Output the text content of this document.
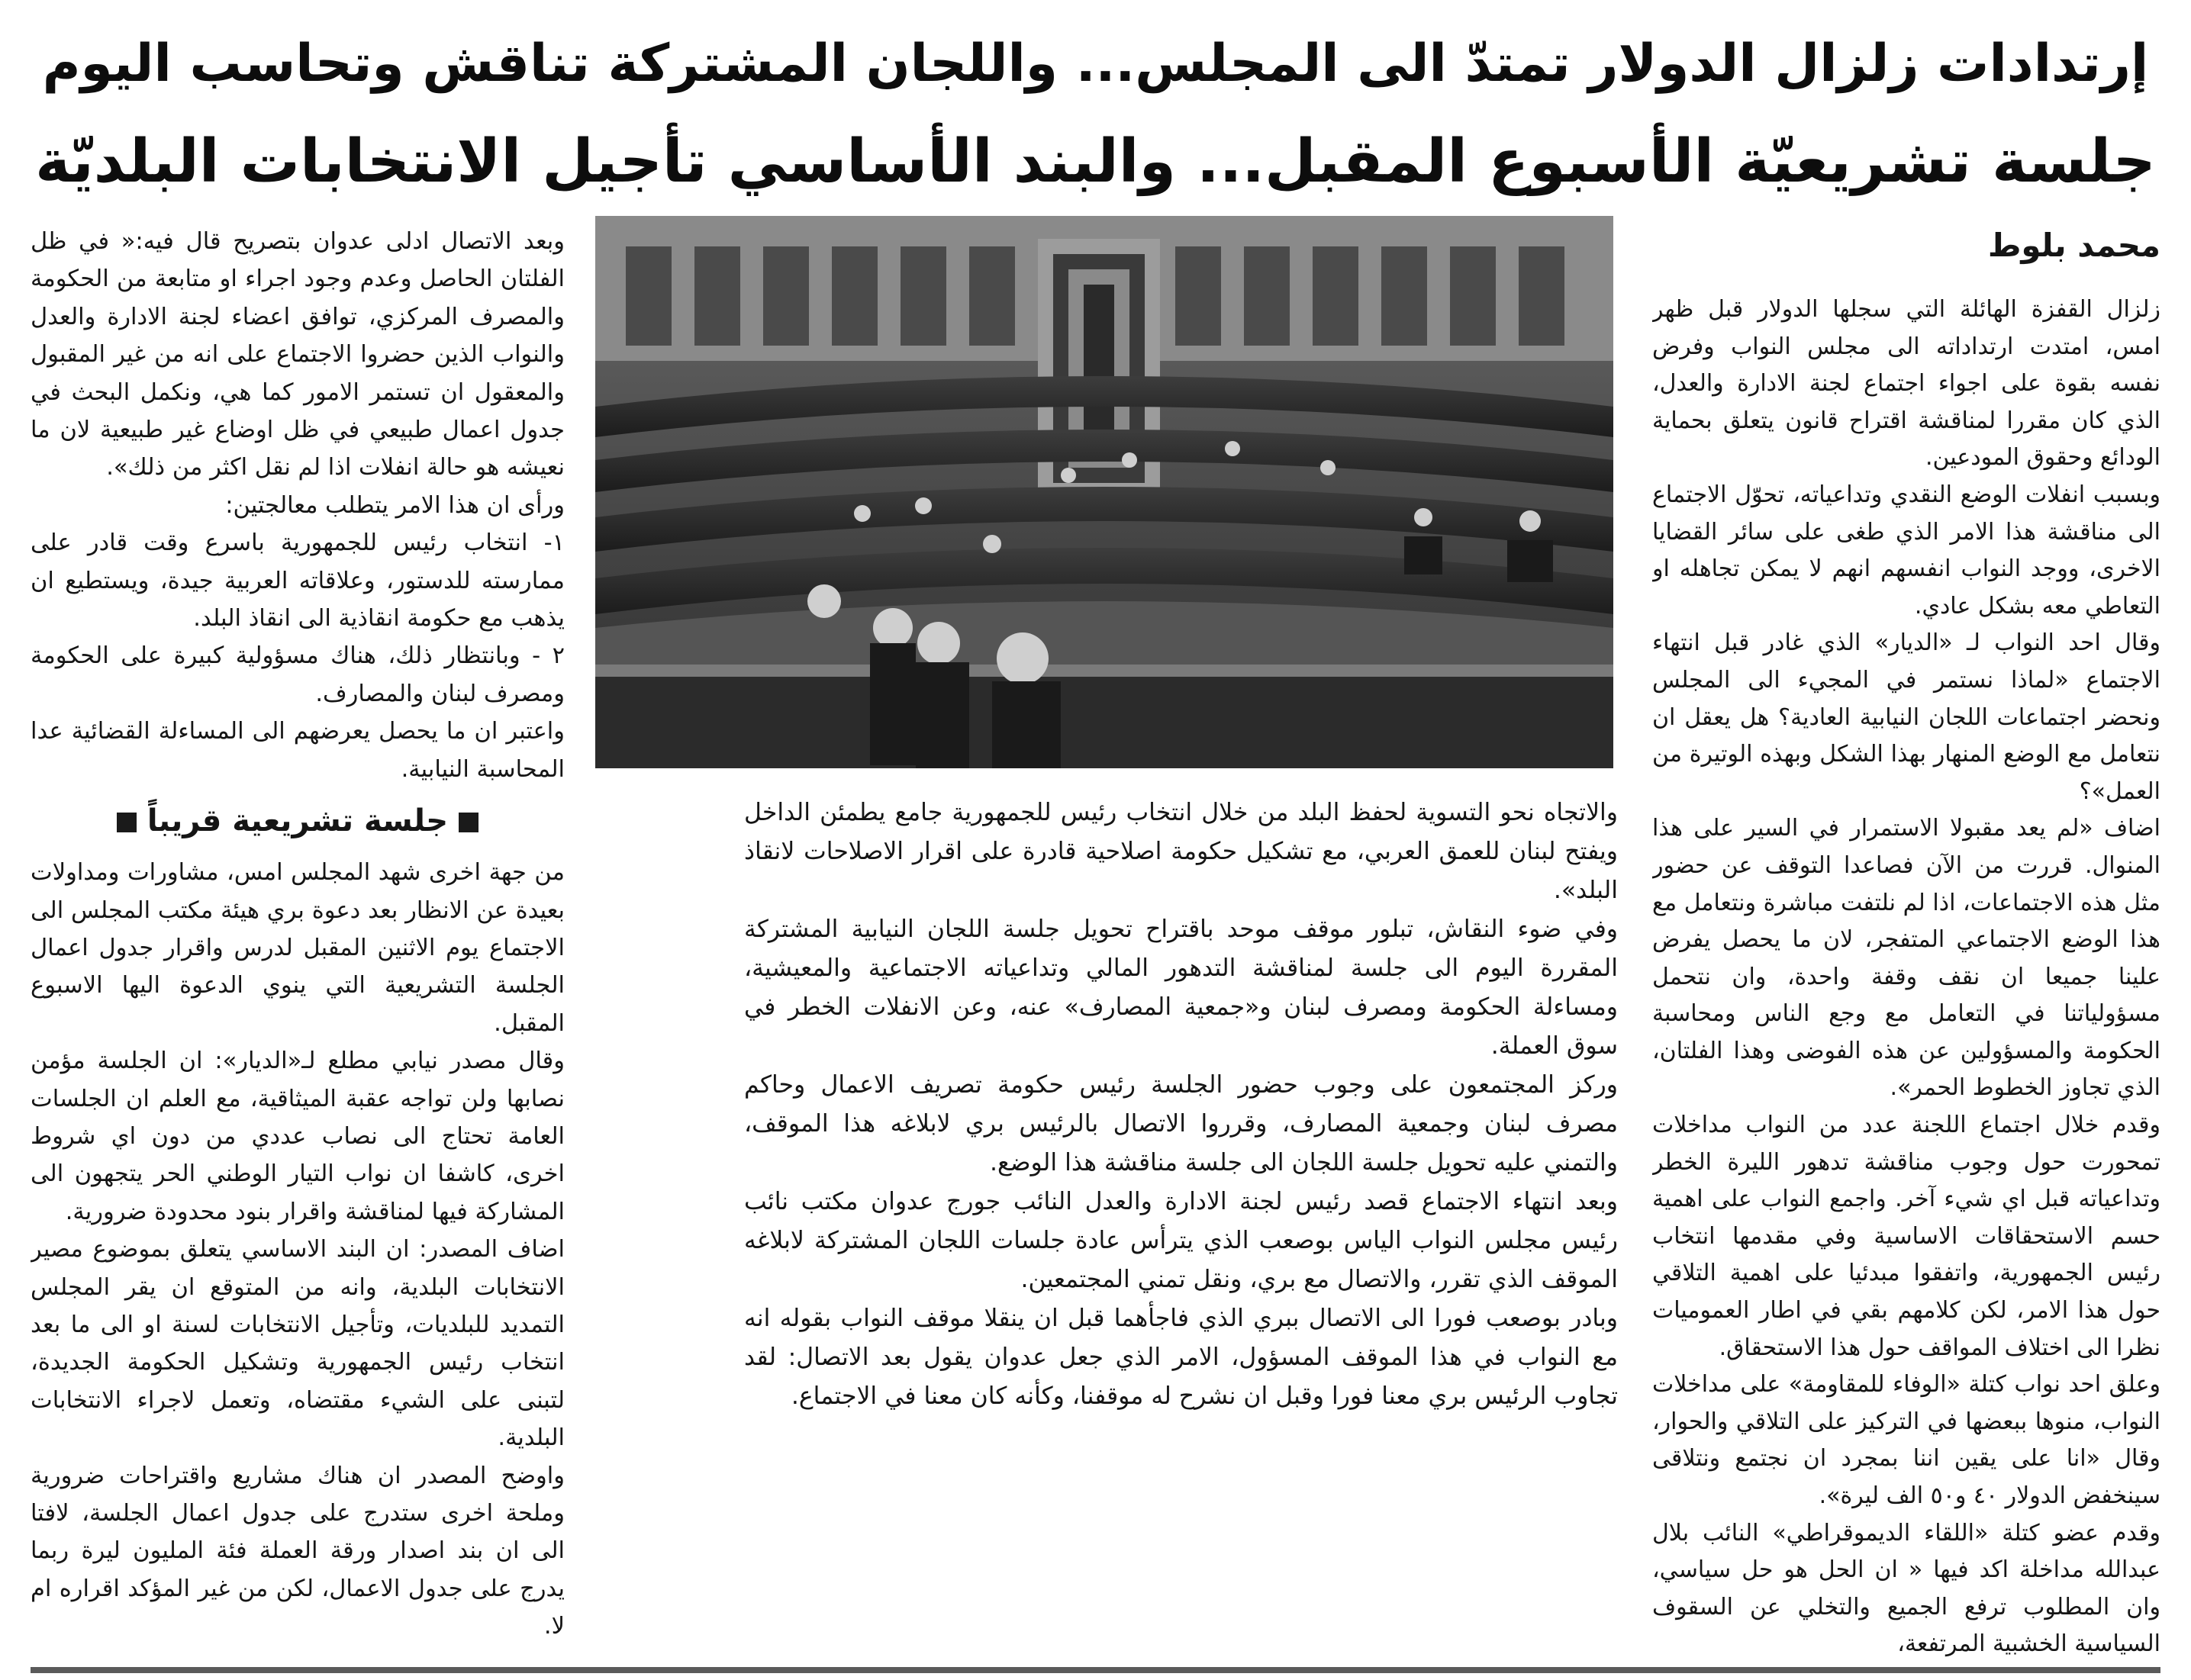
إرتدادات زلزال الدولار تمتدّ الى المجلس... واللجان المشتركة تناقش وتحاسب اليوم
جلسة تشريعيّة الأسبوع المقبل... والبند الأساسي تأجيل الانتخابات البلديّة
محمد بلوط

زلزال القفزة الهائلة التي سجلها الدولار قبل ظهر امس، امتدت ارتداداته الى مجلس النواب وفرض نفسه بقوة على اجواء اجتماع لجنة الادارة والعدل، الذي كان مقررا لمناقشة اقتراح قانون يتعلق بحماية الودائع وحقوق المودعين.

وبسبب انفلات الوضع النقدي وتداعياته، تحوّل الاجتماع الى مناقشة هذا الامر الذي طغى على سائر القضايا الاخرى، ووجد النواب انفسهم انهم لا يمكن تجاهله او التعاطي معه بشكل عادي.

وقال احد النواب لـ «الديار» الذي غادر قبل انتهاء الاجتماع «لماذا نستمر في المجيء الى المجلس ونحضر اجتماعات اللجان النيابية العادية؟ هل يعقل ان نتعامل مع الوضع المنهار بهذا الشكل وبهذه الوتيرة من العمل»؟

اضاف «لم يعد مقبولا الاستمرار في السير على هذا المنوال. قررت من الآن فصاعدا التوقف عن حضور مثل هذه الاجتماعات، اذا لم نلتفت مباشرة ونتعامل مع هذا الوضع الاجتماعي المتفجر، لان ما يحصل يفرض علينا جميعا ان نقف وقفة واحدة، وان نتحمل مسؤولياتنا في التعامل مع وجع الناس ومحاسبة الحكومة والمسؤولين عن هذه الفوضى وهذا الفلتان، الذي تجاوز الخطوط الحمر».

وقدم خلال اجتماع اللجنة عدد من النواب مداخلات تمحورت حول وجوب مناقشة تدهور الليرة الخطر وتداعياته قبل اي شيء آخر. واجمع النواب على اهمية حسم الاستحقاقات الاساسية وفي مقدمها انتخاب رئيس الجمهورية، واتفقوا مبدئيا على اهمية التلاقي حول هذا الامر، لكن كلامهم بقي في اطار العموميات نظرا الى اختلاف المواقف حول هذا الاستحقاق.

وعلق احد نواب كتلة «الوفاء للمقاومة» على مداخلات النواب، منوها ببعضها في التركيز على التلاقي والحوار، وقال «انا على يقين اننا بمجرد ان نجتمع ونتلاقى سينخفض الدولار ٤٠ و٥٠ الف ليرة».

وقدم عضو كتلة «اللقاء الديموقراطي» النائب بلال عبدالله مداخلة اكد فيها « ان الحل هو حل سياسي، وان المطلوب ترفع الجميع والتخلي عن السقوف السياسية الخشبية المرتفعة،

والاتجاه نحو التسوية لحفظ البلد من خلال انتخاب رئيس للجمهورية جامع يطمئن الداخل ويفتح لبنان للعمق العربي، مع تشكيل حكومة اصلاحية قادرة على اقرار الاصلاحات لانقاذ البلد».

وفي ضوء النقاش، تبلور موقف موحد باقتراح تحويل جلسة اللجان النيابية المشتركة المقررة اليوم الى جلسة لمناقشة التدهور المالي وتداعياته الاجتماعية والمعيشية، ومساءلة الحكومة ومصرف لبنان و«جمعية المصارف» عنه، وعن الانفلات الخطر في سوق العملة.

وركز المجتمعون على وجوب حضور الجلسة رئيس حكومة تصريف الاعمال وحاكم مصرف لبنان وجمعية المصارف، وقرروا الاتصال بالرئيس بري لابلاغه هذا الموقف، والتمني عليه تحويل جلسة اللجان الى جلسة مناقشة هذا الوضع.

وبعد انتهاء الاجتماع قصد رئيس لجنة الادارة والعدل النائب جورج عدوان مكتب نائب رئيس مجلس النواب الياس بوصعب الذي يترأس عادة جلسات اللجان المشتركة لابلاغه الموقف الذي تقرر، والاتصال مع بري، ونقل تمني المجتمعين.

وبادر بوصعب فورا الى الاتصال ببري الذي فاجأهما قبل ان ينقلا موقف النواب بقوله انه مع النواب في هذا الموقف المسؤول، الامر الذي جعل عدوان يقول بعد الاتصال: لقد تجاوب الرئيس بري معنا فورا وقبل ان نشرح له موقفنا، وكأنه كان معنا في الاجتماع.

وبعد الاتصال ادلى عدوان بتصريح قال فيه:« في ظل الفلتان الحاصل وعدم وجود اجراء او متابعة من الحكومة والمصرف المركزي، توافق اعضاء لجنة الادارة والعدل والنواب الذين حضروا الاجتماع على انه من غير المقبول والمعقول ان تستمر الامور كما هي، ونكمل البحث في جدول اعمال طبيعي في ظل اوضاع غير طبيعية لان ما نعيشه هو حالة انفلات اذا لم نقل اكثر من ذلك».

ورأى ان هذا الامر يتطلب معالجتين:

١- انتخاب رئيس للجمهورية باسرع وقت قادر على ممارسته للدستور، وعلاقاته العربية جيدة، ويستطيع ان يذهب مع حكومة انقاذية الى انقاذ البلد.

٢ - وبانتظار ذلك، هناك مسؤولية كبيرة على الحكومة ومصرف لبنان والمصارف.

واعتبر ان ما يحصل يعرضهم الى المساءلة القضائية عدا المحاسبة النيابية.

جلسة تشريعية قريباً

من جهة اخرى شهد المجلس امس، مشاورات ومداولات بعيدة عن الانظار بعد دعوة بري هيئة مكتب المجلس الى الاجتماع يوم الاثنين المقبل لدرس واقرار جدول اعمال الجلسة التشريعية التي ينوي الدعوة اليها الاسبوع المقبل.

وقال مصدر نيابي مطلع لـ«الديار»: ان الجلسة مؤمن نصابها ولن تواجه عقبة الميثاقية، مع العلم ان الجلسات العامة تحتاج الى نصاب عددي من دون اي شروط اخرى، كاشفا ان نواب التيار الوطني الحر يتجهون الى المشاركة فيها لمناقشة واقرار بنود محدودة ضرورية.

اضاف المصدر: ان البند الاساسي يتعلق بموضوع مصير الانتخابات البلدية، وانه من المتوقع ان يقر المجلس التمديد للبلديات، وتأجيل الانتخابات لسنة او الى ما بعد انتخاب رئيس الجمهورية وتشكيل الحكومة الجديدة، لتبنى على الشيء مقتضاه، وتعمل لاجراء الانتخابات البلدية.

واوضح المصدر ان هناك مشاريع واقتراحات ضرورية وملحة اخرى ستدرج على جدول اعمال الجلسة، لافتا الى ان بند اصدار ورقة العملة فئة المليون ليرة ربما يدرج على جدول الاعمال، لكن من غير المؤكد اقراره ام لا.
